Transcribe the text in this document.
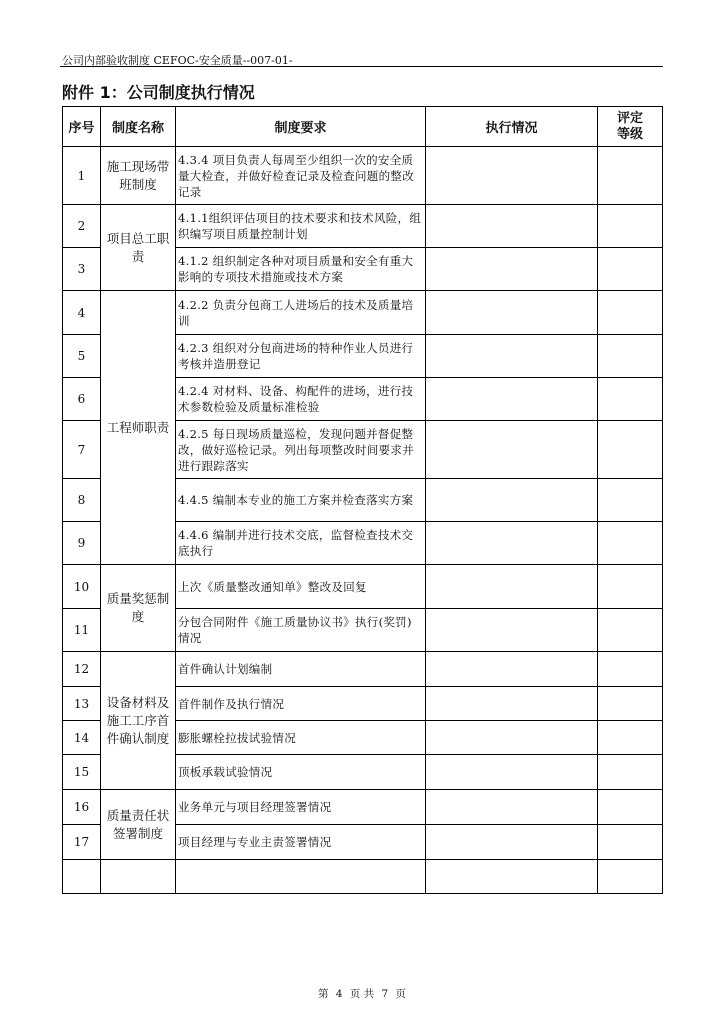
公司内部验收制度 CEFOC-安全质量--007-01-
附件 1：公司制度执行情况
序号	制度名称	制度要求	执行情况	评定
等级

1	施工现场带班制度	4.3.4 项目负责人每周至少组织一次的安全质量大检查，并做好检查记录及检查问题的整改记录		
2	项目总工职责	4.1.1组织评估项目的技术要求和技术风险，组织编写项目质量控制计划		
3		4.1.2 组织制定各种对项目质量和安全有重大影响的专项技术措施或技术方案		
4	工程师职责	4.2.2 负责分包商工人进场后的技术及质量培训		
5		4.2.3 组织对分包商进场的特种作业人员进行考核并造册登记		
6		4.2.4 对材料、设备、构配件的进场，进行技术参数检验及质量标准检验		
7		4.2.5 每日现场质量巡检，发现问题并督促整改，做好巡检记录。列出每项整改时间要求并进行跟踪落实		
8		4.4.5 编制本专业的施工方案并检查落实方案		
9		4.4.6 编制并进行技术交底，监督检查技术交底执行		
10	质量奖惩制度	上次《质量整改通知单》整改及回复		
11		分包合同附件《施工质量协议书》执行(奖罚)情况		
12	设备材料及施工工序首件确认制度	首件确认计划编制		
13		首件制作及执行情况		
14		膨胀螺栓拉拔试验情况		
15		顶板承载试验情况		
16	质量责任状签署制度	业务单元与项目经理签署情况		
17		项目经理与专业主责签署情况		

第 4 页 共 7 页
